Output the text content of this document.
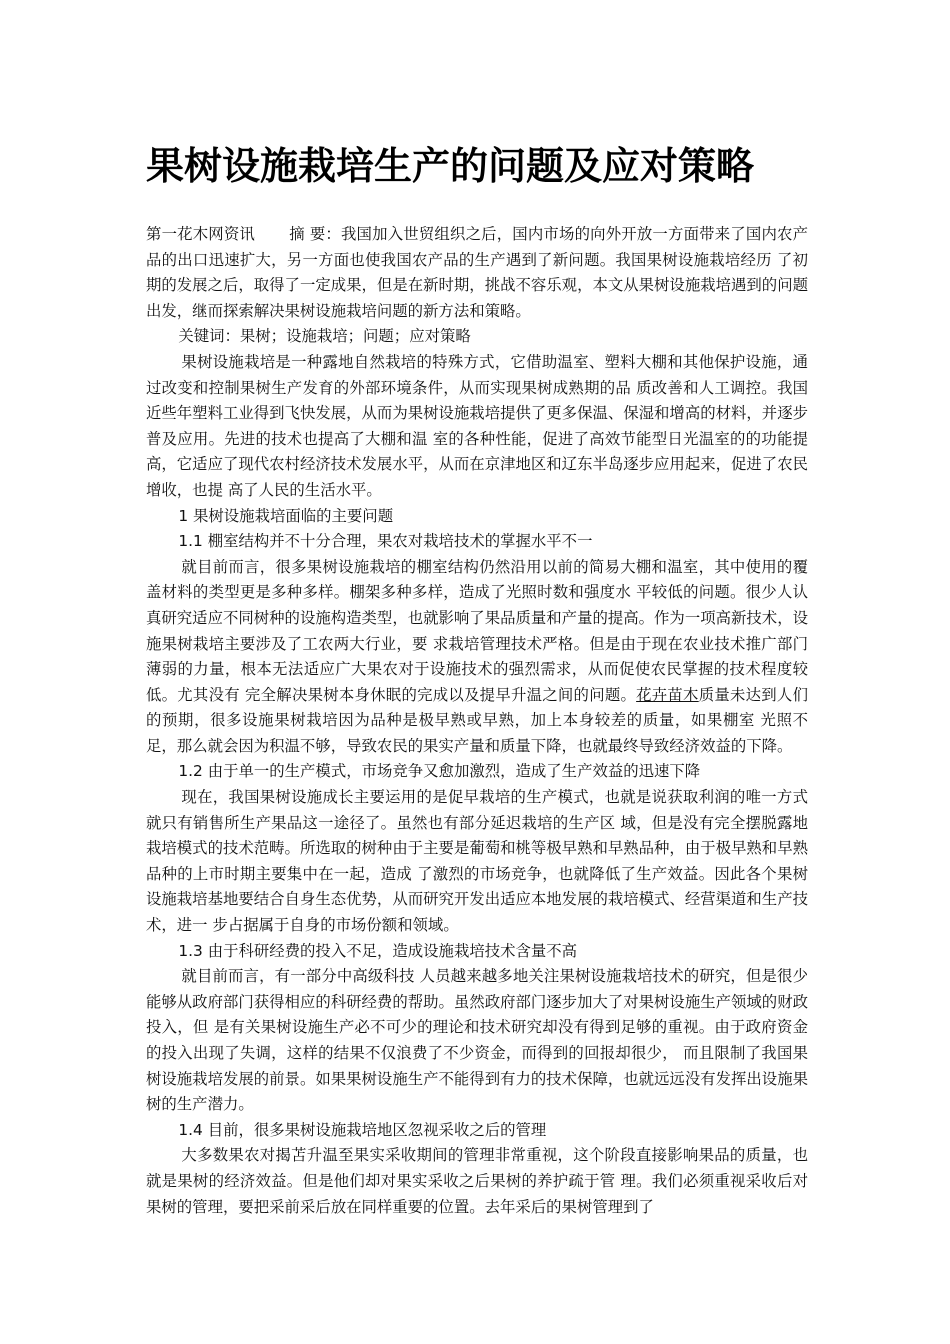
果树设施栽培生产的问题及应对策略

第一花木网资讯 摘 要：我国加入世贸组织之后，国内市场的向外开放一方面带来了国内农产品的出口迅速扩大，另一方面也使我国农产品的生产遇到了新问题。我国果树设施栽培经历 了初期的发展之后，取得了一定成果，但是在新时期，挑战不容乐观，本文从果树设施栽培遇到的问题出发，继而探索解决果树设施栽培问题的新方法和策略。

关键词：果树；设施栽培；问题；应对策略

果树设施栽培是一种露地自然栽培的特殊方式，它借助温室、塑料大棚和其他保护设施，通过改变和控制果树生产发育的外部环境条件，从而实现果树成熟期的品 质改善和人工调控。我国近些年塑料工业得到飞快发展，从而为果树设施栽培提供了更多保温、保湿和增高的材料，并逐步普及应用。先进的技术也提高了大棚和温 室的各种性能，促进了高效节能型日光温室的的功能提高，它适应了现代农村经济技术发展水平，从而在京津地区和辽东半岛逐步应用起来，促进了农民增收，也提 高了人民的生活水平。

1 果树设施栽培面临的主要问题

1.1 棚室结构并不十分合理，果农对栽培技术的掌握水平不一

就目前而言，很多果树设施栽培的棚室结构仍然沿用以前的简易大棚和温室，其中使用的覆盖材料的类型更是多种多样。棚架多种多样，造成了光照时数和强度水 平较低的问题。很少人认真研究适应不同树种的设施构造类型，也就影响了果品质量和产量的提高。作为一项高新技术，设施果树栽培主要涉及了工农两大行业，要 求栽培管理技术严格。但是由于现在农业技术推广部门薄弱的力量，根本无法适应广大果农对于设施技术的强烈需求，从而促使农民掌握的技术程度较低。尤其没有 完全解决果树本身休眠的完成以及提早升温之间的问题。花卉苗木质量未达到人们的预期，很多设施果树栽培因为品种是极早熟或早熟，加上本身较差的质量，如果棚室 光照不足，那么就会因为积温不够，导致农民的果实产量和质量下降，也就最终导致经济效益的下降。

1.2 由于单一的生产模式，市场竞争又愈加激烈，造成了生产效益的迅速下降

现在，我国果树设施成长主要运用的是促早栽培的生产模式，也就是说获取利润的唯一方式就只有销售所生产果品这一途径了。虽然也有部分延迟栽培的生产区 域，但是没有完全摆脱露地栽培模式的技术范畴。所选取的树种由于主要是葡萄和桃等极早熟和早熟品种，由于极早熟和早熟品种的上市时期主要集中在一起，造成 了激烈的市场竞争，也就降低了生产效益。因此各个果树设施栽培基地要结合自身生态优势，从而研究开发出适应本地发展的栽培模式、经营渠道和生产技术，进一 步占据属于自身的市场份额和领域。

1.3 由于科研经费的投入不足，造成设施栽培技术含量不高

就目前而言，有一部分中高级科技 人员越来越多地关注果树设施栽培技术的研究，但是很少能够从政府部门获得相应的科研经费的帮助。虽然政府部门逐步加大了对果树设施生产领域的财政投入，但 是有关果树设施生产必不可少的理论和技术研究却没有得到足够的重视。由于政府资金的投入出现了失调，这样的结果不仅浪费了不少资金，而得到的回报却很少， 而且限制了我国果树设施栽培发展的前景。如果果树设施生产不能得到有力的技术保障，也就远远没有发挥出设施果树的生产潜力。

1.4 目前，很多果树设施栽培地区忽视采收之后的管理

大多数果农对揭苫升温至果实采收期间的管理非常重视，这个阶段直接影响果品的质量，也就是果树的经济效益。但是他们却对果实采收之后果树的养护疏于管 理。我们必须重视采收后对果树的管理，要把采前采后放在同样重要的位置。去年采后的果树管理到了
